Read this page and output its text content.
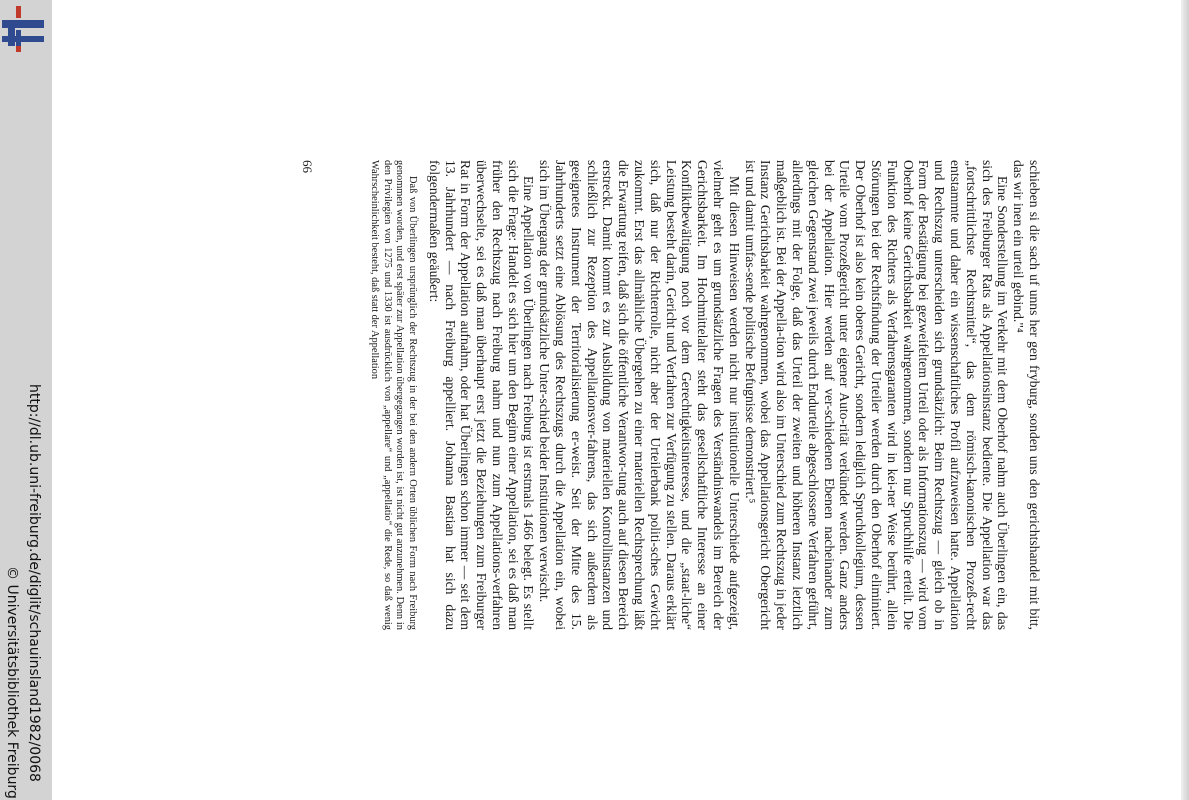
http://dl.ub.uni-freiburg.de/diglit/schauinsland1982/0068
© Universitätsbibliothek Freiburg

schieben si die sach uf unns her gen fryburg, sonden uns den gerichtshandel mit bitt, das wir inen ein urteil gebind."⁴

Eine Sonderstellung im Verkehr mit dem Oberhof nahm auch Überlingen ein, das sich des Freiburger Rats als Appellationsinstanz bediente. Die Appellation war das „fortschrittlichste Rechtsmittel“, das dem römisch-kanonischen Prozeß-recht entstammte und daher ein wissenschaftliches Profil aufzuweisen hatte. Appellation und Rechtszug unterscheiden sich grundsätzlich: Beim Rechtszug — gleich ob in Form der Bestätigung bei gezweifeltem Urteil oder als Informationszug — wird vom Oberhof keine Gerichtsbarkeit wahrgenommen, sondern nur Spruchhilfe erteilt. Die Funktion des Richters als Verfahrensgaranten wird in kei-ner Weise berührt, allein Störungen bei der Rechtsfindung der Urteiler werden durch den Oberhof eliminiert. Der Oberhof ist also kein oberes Gericht, sondern lediglich Spruchkollegium, dessen Urteile vom Prozeßgericht unter eigener Auto-rität verkündet werden. Ganz anders bei der Appellation. Hier werden auf ver-schiedenen Ebenen nacheinander zum gleichen Gegenstand zwei jeweils durch Endurteile abgeschlossene Verfahren geführt, allerdings mit der Folge, daß das Urteil der zweiten und höheren Instanz letztlich maßgeblich ist. Bei der Appella-tion wird also im Unterschied zum Rechtszug in jeder Instanz Gerichtsbarkeit wahrgenommen, wobei das Appellationsgericht Obergericht ist und damit umfas-sende politische Befugnisse demonstriert.⁵

Mit diesen Hinweisen werden nicht nur institutionelle Unterschiede aufgezeigt, vielmehr geht es um grundsätzliche Fragen des Verständniswandels im Bereich der Gerichtsbarkeit. Im Hochmittelalter steht das gesellschaftliche Interesse an einer Konfliktbewältigung noch vor dem Gerechtigkeitsinteresse, und die „staat-liche“ Leistung besteht darin, Gericht und Verfahren zur Verfügung zu stellen. Daraus erklärt sich, daß nur der Richterrolle, nicht aber der Urteilerbank politi-sches Gewicht zukommt. Erst das allmähliche Übergehen zu einer materiellen Rechtsprechung läßt die Erwartung reifen, daß sich die öffentliche Verantwor-tung auch auf diesen Bereich erstreckt. Damit kommt es zur Ausbildung von materiellen Kontrollinstanzen und schließlich zur Rezeption des Appellationsver-fahrens, das sich außerdem als geeignetes Instrument der Territorialisierung er-weist. Seit der Mitte des 15. Jahrhunderts setzt eine Ablösung des Rechtszugs durch die Appellation ein, wobei sich im Übergang der grundsätzliche Unter-schied beider Institutionen verwischt.

Eine Appellation von Überlingen nach Freiburg ist erstmals 1466 belegt. Es stellt sich die Frage: Handelt es sich hier um den Beginn einer Appellation, sei es daß man früher den Rechtszug nach Freiburg nahm und nun zum Appellations-verfahren überwechselte, sei es daß man überhaupt erst jetzt die Beziehungen zum Freiburger Rat in Form der Appellation aufnahm, oder hat Überlingen schon immer — seit dem 13. Jahrhundert — nach Freiburg appelliert. Johanna Bastian hat sich dazu folgendermaßen geäußert:

Daß von Überlingen ursprünglich der Rechtszug in der bei den andern Orten üblichen Form nach Freiburg genommen worden, und erst später zur Appellation übergegangen worden ist, ist nicht gut anzunehmen. Denn in den Privilegien von 1275 und 1330 ist ausdrücklich von „appellare“ und „appellatio“ die Rede, so daß wenig Wahrscheinlichkeit besteht, daß statt der Appellation

66
